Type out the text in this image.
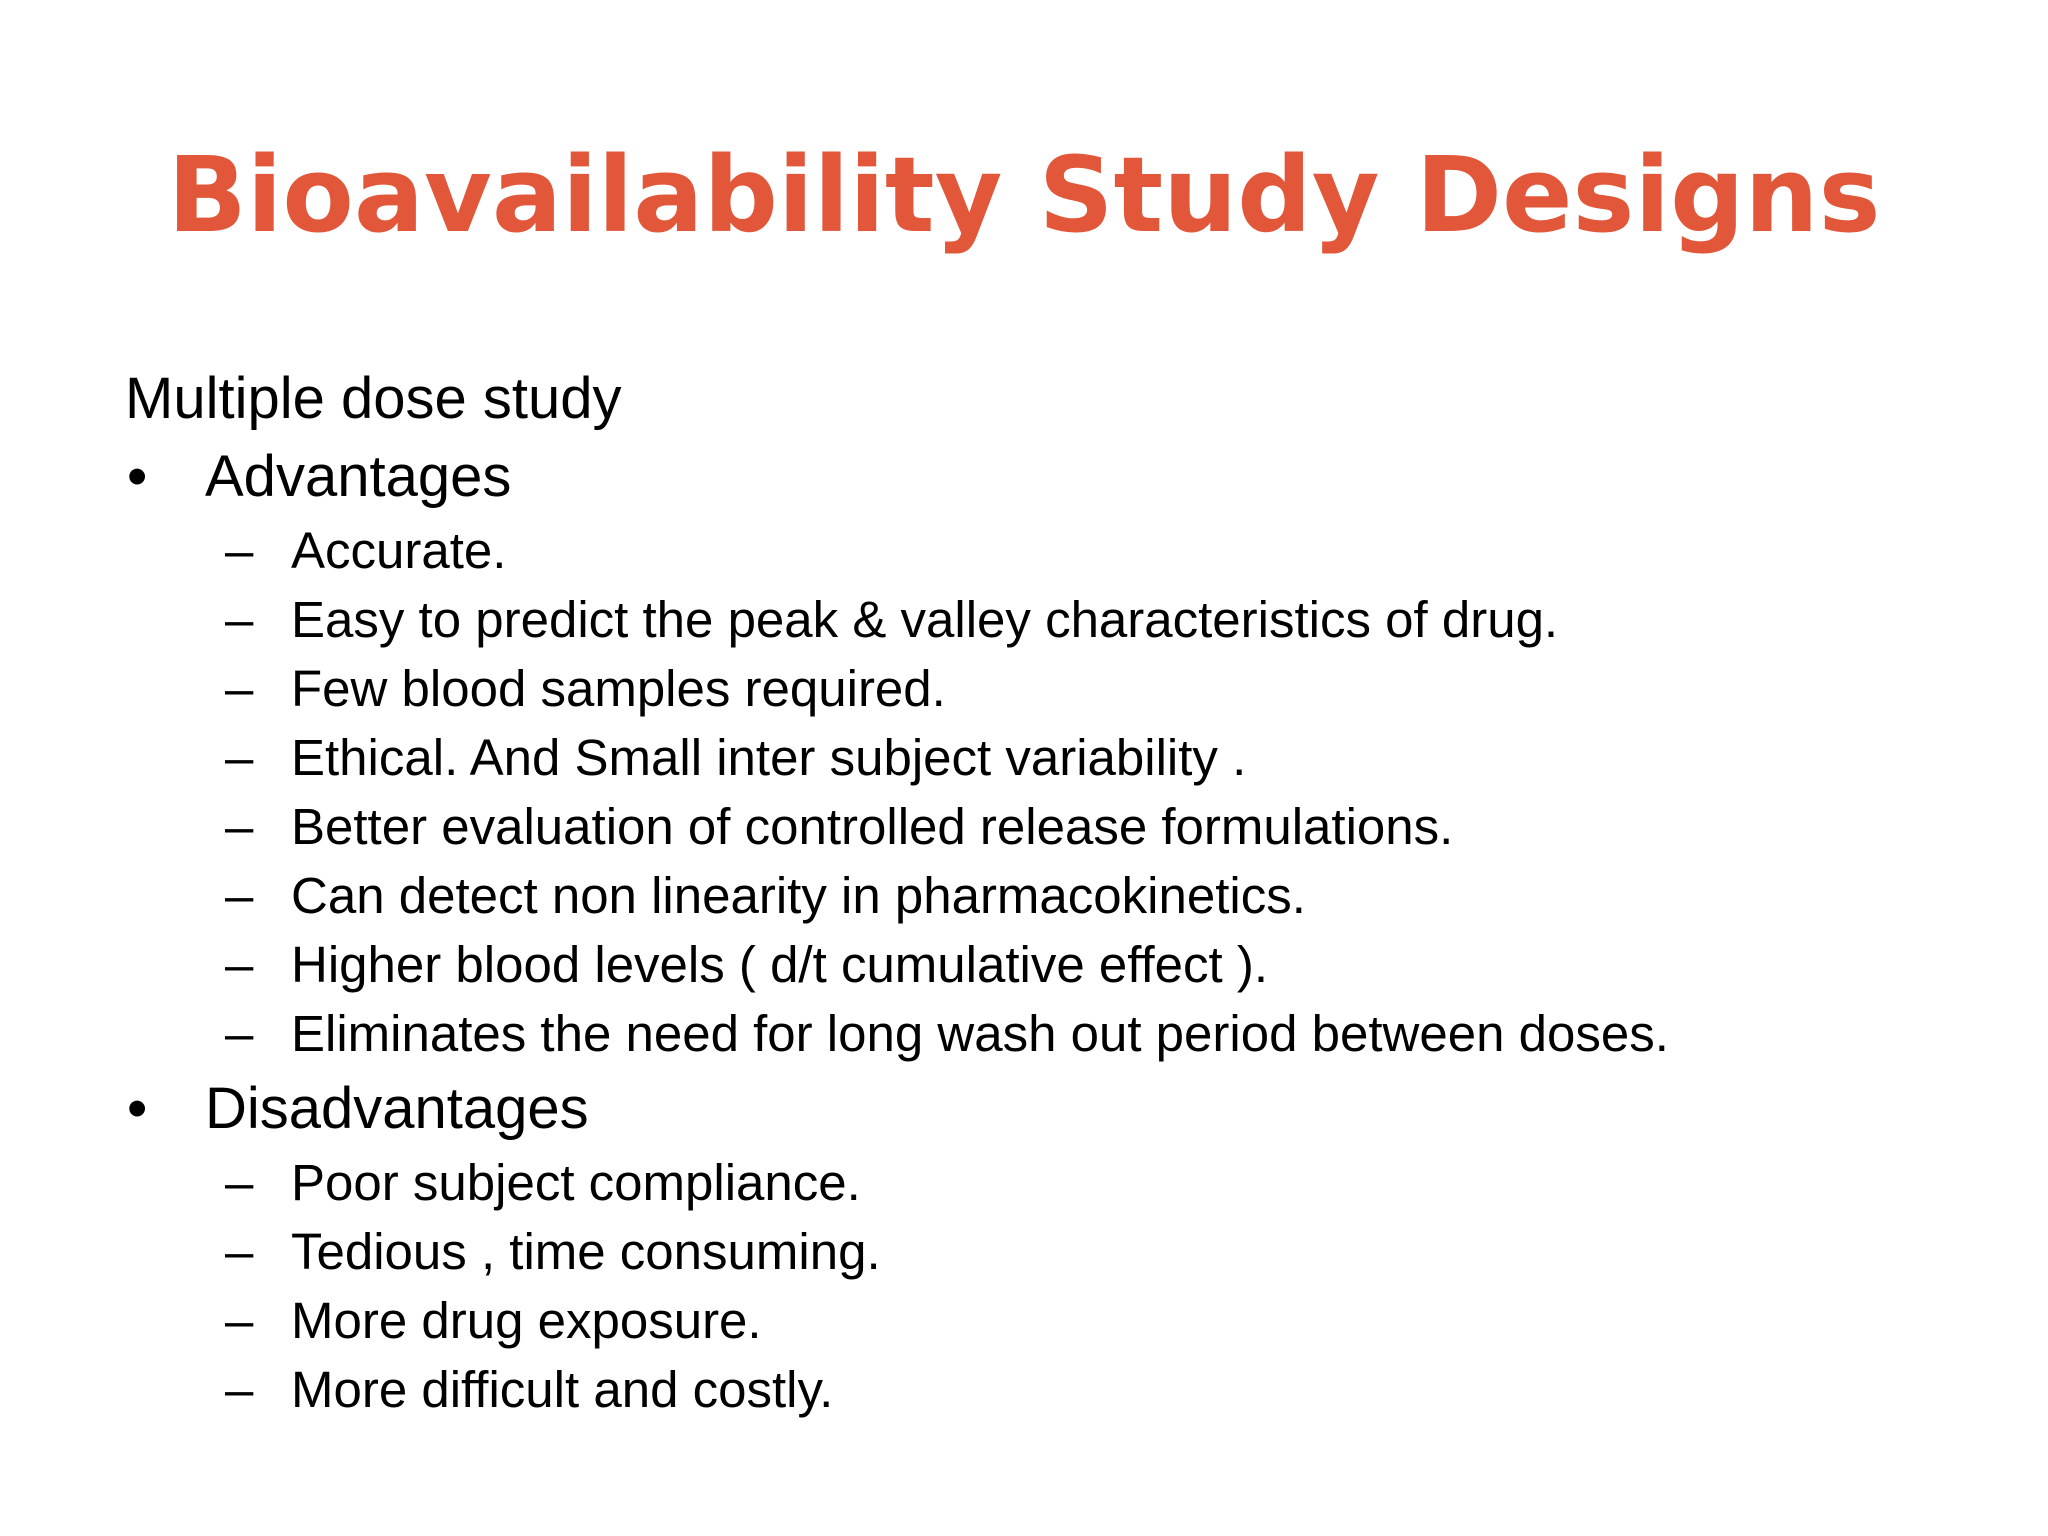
Bioavailability Study Designs

Multiple dose study

• Advantages
– Accurate.
– Easy to predict the peak & valley characteristics of drug.
– Few blood samples required.
– Ethical. And Small inter subject variability .
– Better evaluation of controlled release formulations.
– Can detect non linearity in pharmacokinetics.
– Higher blood levels ( d/t cumulative effect ).
– Eliminates the need for long wash out period between doses.
• Disadvantages
– Poor subject compliance.
– Tedious , time consuming.
– More drug exposure.
– More difficult and costly.
